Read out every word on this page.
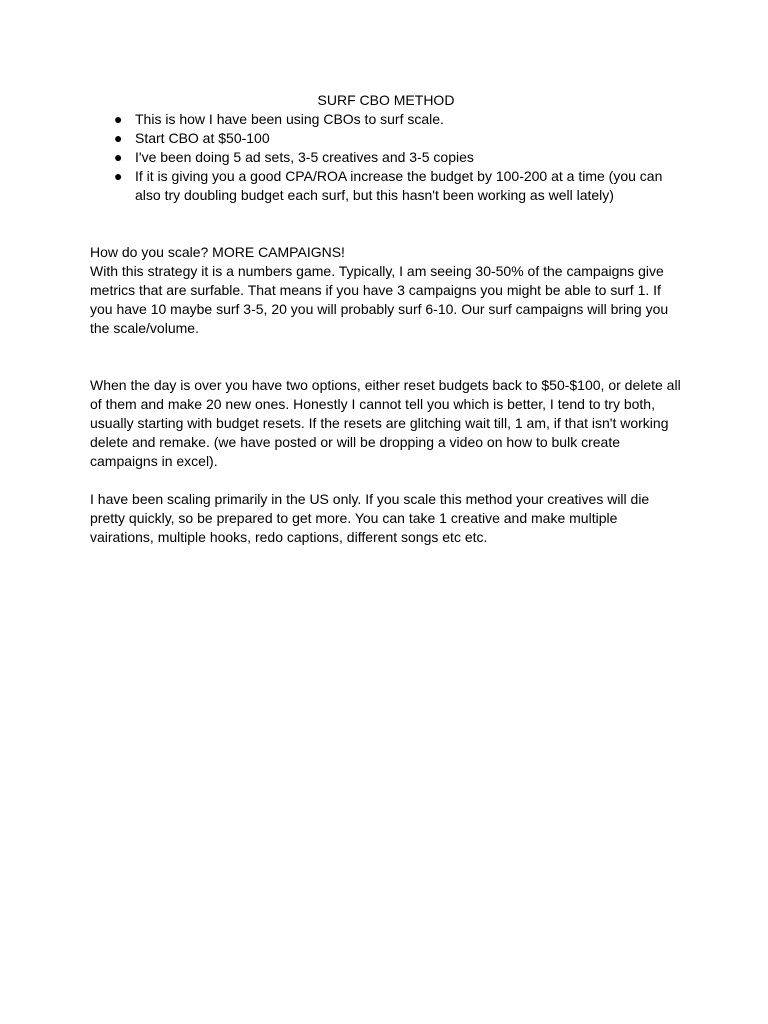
SURF CBO METHOD
● This is how I have been using CBOs to surf scale.
● Start CBO at $50-100
● I've been doing 5 ad sets, 3-5 creatives and 3-5 copies
● If it is giving you a good CPA/ROA increase the budget by 100-200 at a time (you can also try doubling budget each surf, but this hasn't been working as well lately)

How do you scale? MORE CAMPAIGNS!

With this strategy it is a numbers game. Typically, I am seeing 30-50% of the campaigns give metrics that are surfable. That means if you have 3 campaigns you might be able to surf 1. If you have 10 maybe surf 3-5, 20 you will probably surf 6-10. Our surf campaigns will bring you the scale/volume.

When the day is over you have two options, either reset budgets back to $50-$100, or delete all of them and make 20 new ones. Honestly I cannot tell you which is better, I tend to try both, usually starting with budget resets. If the resets are glitching wait till, 1 am, if that isn't working delete and remake. (we have posted or will be dropping a video on how to bulk create campaigns in excel).

I have been scaling primarily in the US only. If you scale this method your creatives will die pretty quickly, so be prepared to get more. You can take 1 creative and make multiple vairations, multiple hooks, redo captions, different songs etc etc.
